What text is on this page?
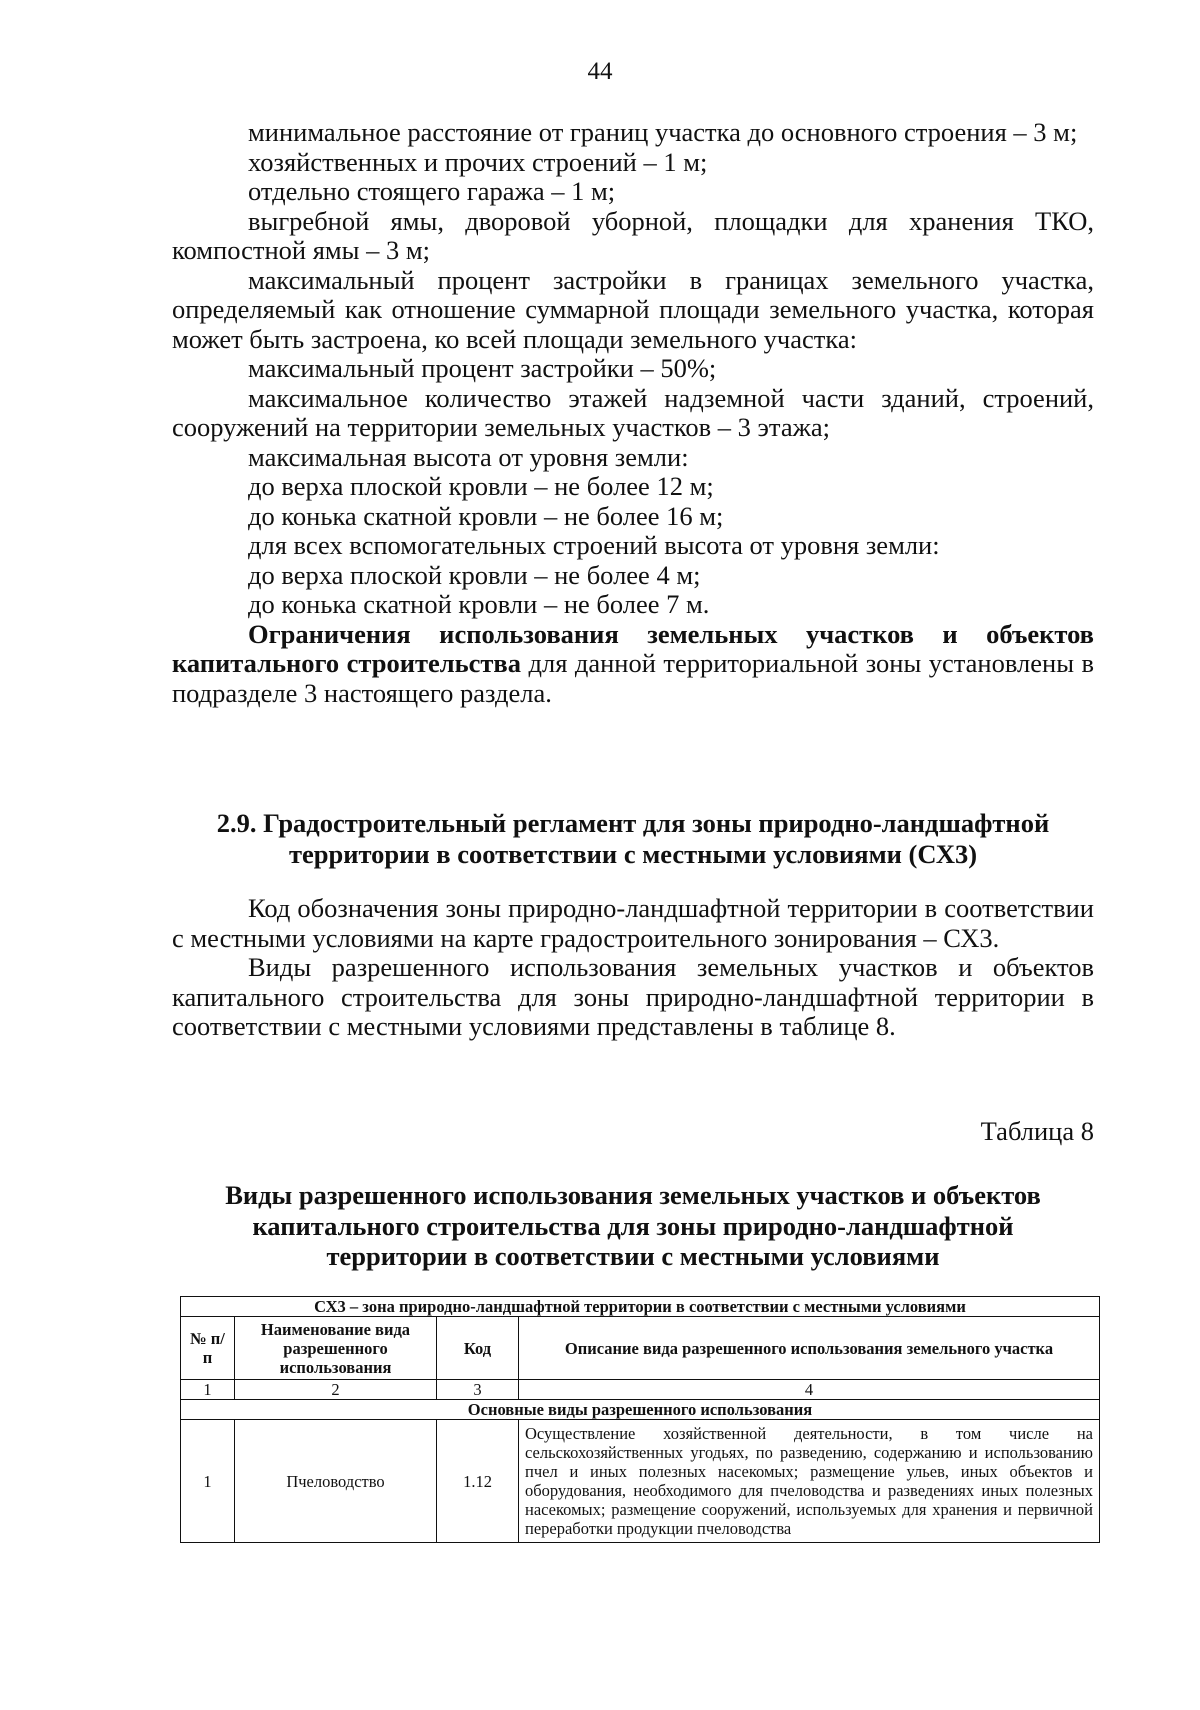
44

минимальное расстояние от границ участка до основного строения – 3 м;

хозяйственных и прочих строений – 1 м;

отдельно стоящего гаража – 1 м;

выгребной ямы, дворовой уборной, площадки для хранения ТКО, компостной ямы – 3 м;

максимальный процент застройки в границах земельного участка, определяемый как отношение суммарной площади земельного участка, которая может быть застроена, ко всей площади земельного участка:

максимальный процент застройки – 50%;

максимальное количество этажей надземной части зданий, строений, сооружений на территории земельных участков – 3 этажа;

максимальная высота от уровня земли:

до верха плоской кровли – не более 12 м;

до конька скатной кровли – не более 16 м;

для всех вспомогательных строений высота от уровня земли:

до верха плоской кровли – не более 4 м;

до конька скатной кровли – не более 7 м.

Ограничения использования земельных участков и объектов капитального строительства для данной территориальной зоны установлены в подразделе 3 настоящего раздела.

2.9. Градостроительный регламент для зоны природно-ландшафтной
территории в соответствии с местными условиями (СХ3)

Код обозначения зоны природно-ландшафтной территории в соответствии с местными условиями на карте градостроительного зонирования – СХ3.

Виды разрешенного использования земельных участков и объектов капитального строительства для зоны природно-ландшафтной территории в соответствии с местными условиями представлены в таблице 8.

Таблица 8
Виды разрешенного использования земельных участков и объектов
капитального строительства для зоны природно-ландшафтной
территории в соответствии с местными условиями
СХ3 – зона природно-ландшафтной территории в соответствии с местными условиями			
№ п/п	Наименование вида разрешенного использования	Код	Описание вида разрешенного использования земельного участка
1	2	3	4
Основные виды разрешенного использования			
1	Пчеловодство	1.12	Осуществление хозяйственной деятельности, в том числе на сельскохозяйственных угодьях, по разведению, содержанию и использованию пчел и иных полезных насекомых; размещение ульев, иных объектов и оборудования, необходимого для пчеловодства и разведениях иных полезных насекомых; размещение сооружений, используемых для хранения и первичной переработки продукции пчеловодства
